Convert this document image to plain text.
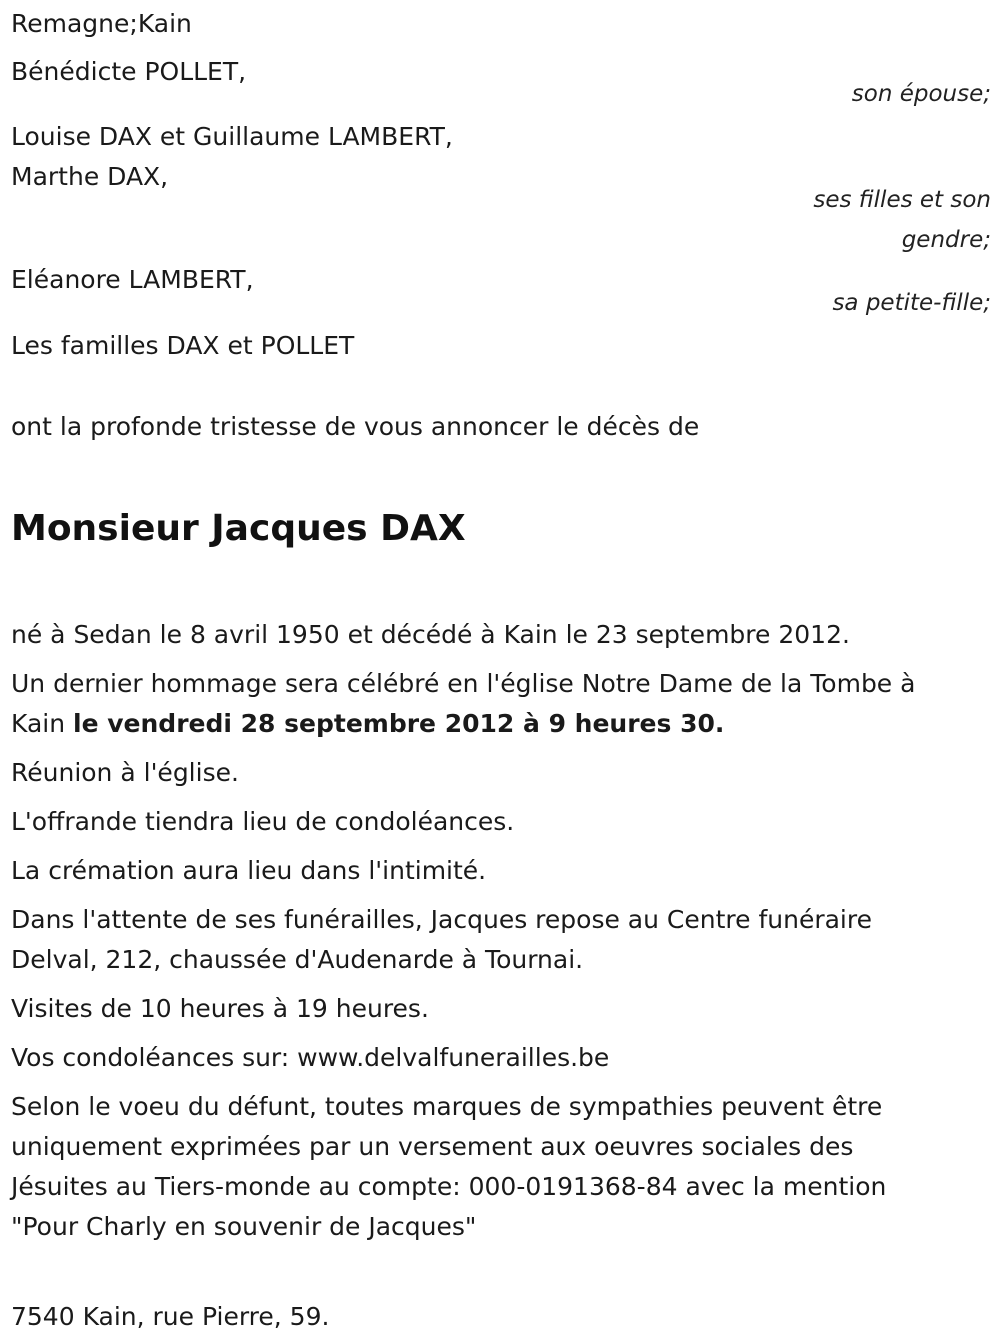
Remagne;Kain
Bénédicte POLLET,
son épouse;
Louise DAX et Guillaume LAMBERT,
Marthe DAX,
ses filles et son
gendre;
Eléanore LAMBERT,
sa petite-fille;
Les familles DAX et POLLET
ont la profonde tristesse de vous annoncer le décès de
Monsieur Jacques DAX
né à Sedan le 8 avril 1950 et décédé à Kain le 23 septembre 2012.
Un dernier hommage sera célébré en l'église Notre Dame de la Tombe à
Kain le vendredi 28 septembre 2012 à 9 heures 30.
Réunion à l'église.
L'offrande tiendra lieu de condoléances.
La crémation aura lieu dans l'intimité.
Dans l'attente de ses funérailles, Jacques repose au Centre funéraire
Delval, 212, chaussée d'Audenarde à Tournai.
Visites de 10 heures à 19 heures.
Vos condoléances sur: www.delvalfunerailles.be
Selon le voeu du défunt, toutes marques de sympathies peuvent être
uniquement exprimées par un versement aux oeuvres sociales des
Jésuites au Tiers-monde au compte: 000-0191368-84 avec la mention
"Pour Charly en souvenir de Jacques"
7540 Kain, rue Pierre, 59.
